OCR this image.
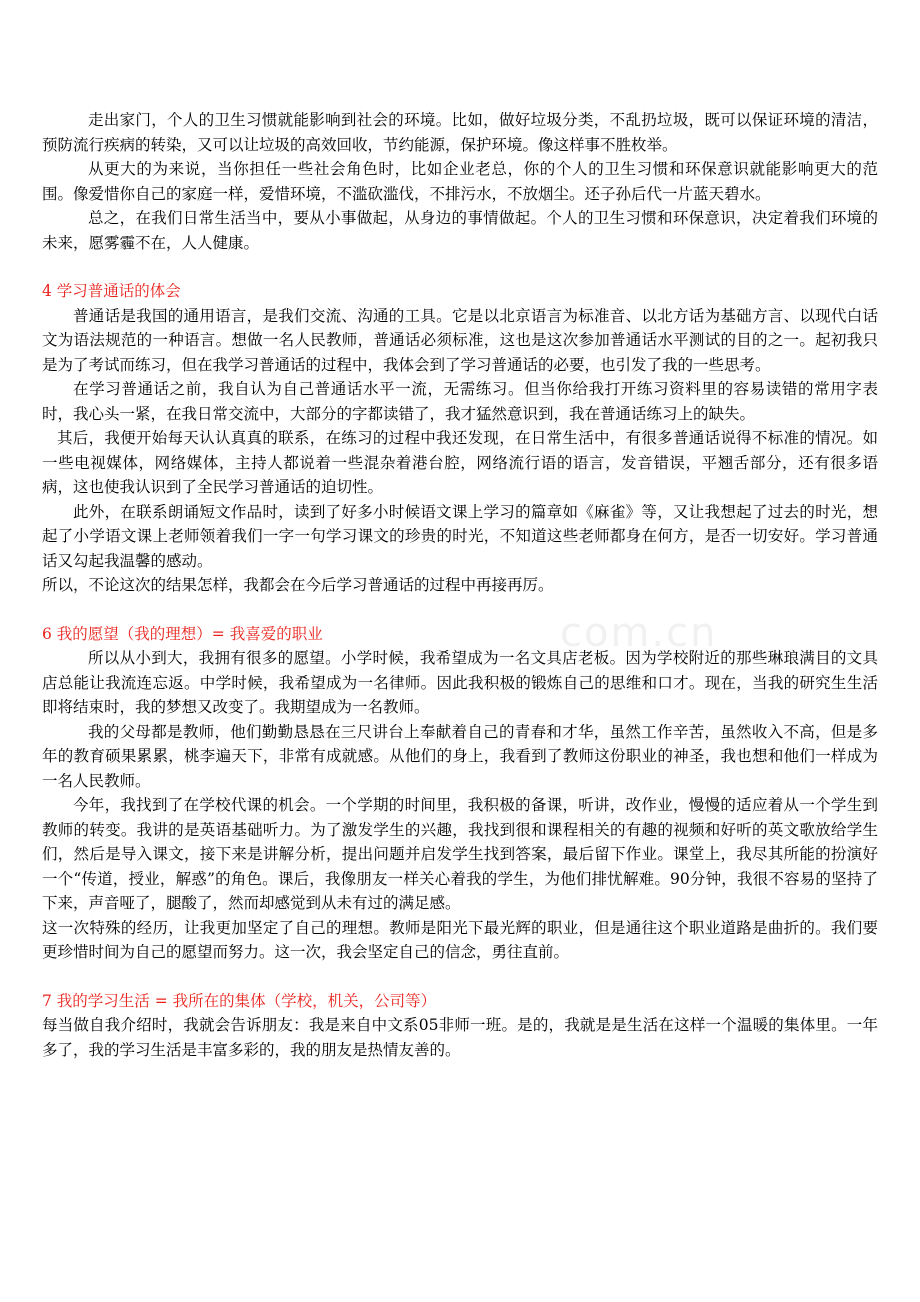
com.cn

走出家门，个人的卫生习惯就能影响到社会的环境。比如，做好垃圾分类，不乱扔垃圾，既可以保证环境的清洁，预防流行疾病的转染，又可以让垃圾的高效回收，节约能源，保护环境。像这样事不胜枚举。

从更大的为来说，当你担任一些社会角色时，比如企业老总，你的个人的卫生习惯和环保意识就能影响更大的范围。像爱惜你自己的家庭一样，爱惜环境，不滥砍滥伐，不排污水，不放烟尘。还子孙后代一片蓝天碧水。

总之，在我们日常生活当中，要从小事做起，从身边的事情做起。个人的卫生习惯和环保意识，决定着我们环境的未来，愿雾霾不在，人人健康。

4 学习普通话的体会

普通话是我国的通用语言，是我们交流、沟通的工具。它是以北京语言为标准音、以北方话为基础方言、以现代白话文为语法规范的一种语言。想做一名人民教师，普通话必须标准，这也是这次参加普通话水平测试的目的之一。起初我只是为了考试而练习，但在我学习普通话的过程中，我体会到了学习普通话的必要，也引发了我的一些思考。

在学习普通话之前，我自认为自己普通话水平一流，无需练习。但当你给我打开练习资料里的容易读错的常用字表时，我心头一紧，在我日常交流中，大部分的字都读错了，我才猛然意识到，我在普通话练习上的缺失。

其后，我便开始每天认认真真的联系，在练习的过程中我还发现，在日常生活中，有很多普通话说得不标准的情况。如一些电视媒体，网络媒体，主持人都说着一些混杂着港台腔，网络流行语的语言，发音错误，平翘舌部分，还有很多语病，这也使我认识到了全民学习普通话的迫切性。

此外，在联系朗诵短文作品时，读到了好多小时候语文课上学习的篇章如《麻雀》等，又让我想起了过去的时光，想起了小学语文课上老师领着我们一字一句学习课文的珍贵的时光，不知道这些老师都身在何方，是否一切安好。学习普通话又勾起我温馨的感动。

所以，不论这次的结果怎样，我都会在今后学习普通话的过程中再接再厉。

6 我的愿望（我的理想）= 我喜爱的职业

所以从小到大，我拥有很多的愿望。小学时候，我希望成为一名文具店老板。因为学校附近的那些琳琅满目的文具店总能让我流连忘返。中学时候，我希望成为一名律师。因此我积极的锻炼自己的思维和口才。现在，当我的研究生生活即将结束时，我的梦想又改变了。我期望成为一名教师。

我的父母都是教师，他们勤勤恳恳在三尺讲台上奉献着自己的青春和才华，虽然工作辛苦，虽然收入不高，但是多年的教育硕果累累，桃李遍天下，非常有成就感。从他们的身上，我看到了教师这份职业的神圣，我也想和他们一样成为一名人民教师。

今年，我找到了在学校代课的机会。一个学期的时间里，我积极的备课，听讲，改作业，慢慢的适应着从一个学生到教师的转变。我讲的是英语基础听力。为了激发学生的兴趣，我找到很和课程相关的有趣的视频和好听的英文歌放给学生们，然后是导入课文，接下来是讲解分析，提出问题并启发学生找到答案，最后留下作业。课堂上，我尽其所能的扮演好一个“传道，授业，解惑”的角色。课后，我像朋友一样关心着我的学生，为他们排忧解难。90分钟，我很不容易的坚持了下来，声音哑了，腿酸了，然而却感觉到从未有过的满足感。

这一次特殊的经历，让我更加坚定了自己的理想。教师是阳光下最光辉的职业，但是通往这个职业道路是曲折的。我们要更珍惜时间为自己的愿望而努力。这一次，我会坚定自己的信念，勇往直前。

7 我的学习生活 = 我所在的集体（学校，机关，公司等）

每当做自我介绍时，我就会告诉朋友：我是来自中文系05非师一班。是的，我就是是生活在这样一个温暖的集体里。一年多了，我的学习生活是丰富多彩的，我的朋友是热情友善的。
